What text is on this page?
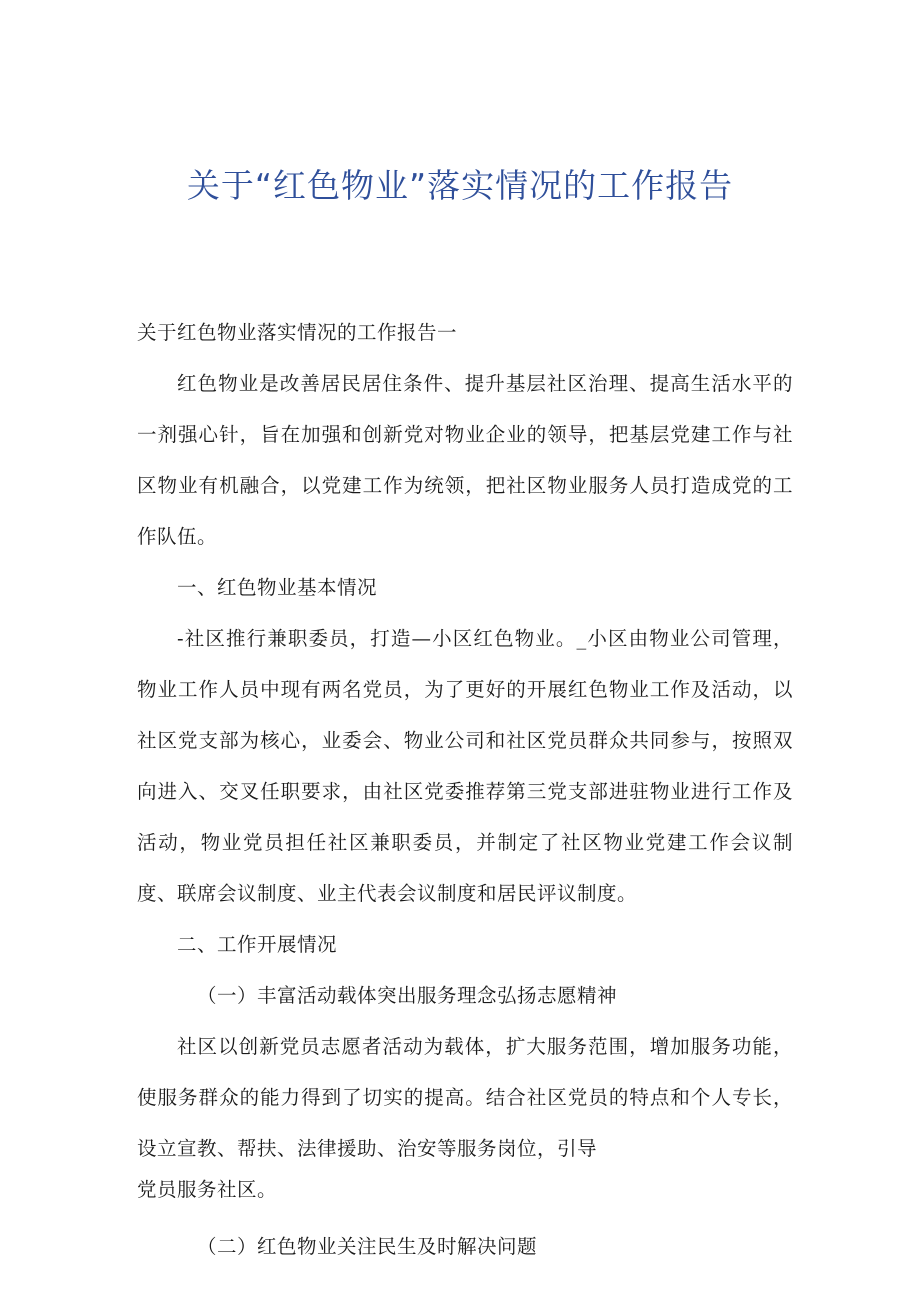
关于“红色物业”落实情况的工作报告

关于红色物业落实情况的工作报告一

红色物业是改善居民居住条件、提升基层社区治理、提高生活水平的一剂强心针，旨在加强和创新党对物业企业的领导，把基层党建工作与社区物业有机融合，以党建工作为统领，把社区物业服务人员打造成党的工作队伍。

一、红色物业基本情况

-社区推行兼职委员，打造—小区红色物业。_小区由物业公司管理，物业工作人员中现有两名党员，为了更好的开展红色物业工作及活动，以社区党支部为核心，业委会、物业公司和社区党员群众共同参与，按照双向进入、交叉任职要求，由社区党委推荐第三党支部进驻物业进行工作及活动，物业党员担任社区兼职委员，并制定了社区物业党建工作会议制度、联席会议制度、业主代表会议制度和居民评议制度。

二、工作开展情况

（一）丰富活动载体突出服务理念弘扬志愿精神

社区以创新党员志愿者活动为载体，扩大服务范围，增加服务功能，使服务群众的能力得到了切实的提高。结合社区党员的特点和个人专长，设立宣教、帮扶、法律援助、治安等服务岗位，引导
党员服务社区。

（二）红色物业关注民生及时解决问题
